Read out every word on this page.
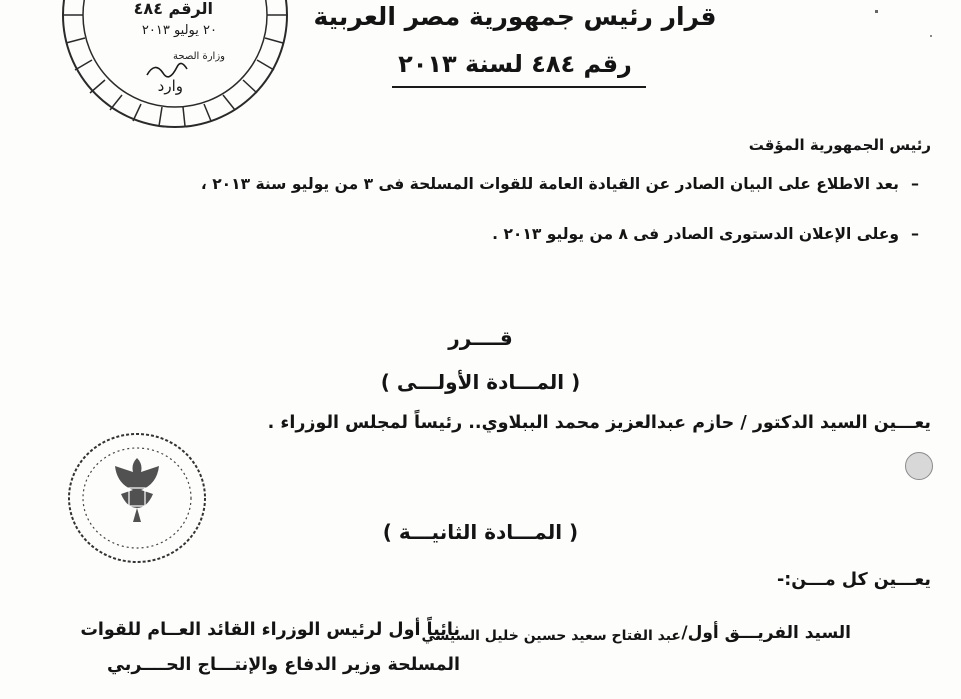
الرقم ٤٨٤
٢٠ يوليو ٢٠١٣
وزارة الصحة
وارد
قرار رئيس جمهورية مصر العربية
رقم ٤٨٤ لسنة ٢٠١٣
رئيس الجمهورية المؤقت
–
بعد الاطلاع على البيان الصادر عن القيادة العامة للقوات المسلحة فى ٣ من يوليو سنة ٢٠١٣ ،
–
وعلى الإعلان الدستورى الصادر فى ٨ من يوليو ٢٠١٣ .
قــــرر
( المـــادة الأولـــى )
يعـــين السيد الدكتور / حازم عبدالعزيز محمد الببلاوي.. رئيساً لمجلس الوزراء .
( المـــادة الثانيـــة )
يعـــين كل مـــن:-
السيد الفريـــق أول/
عبد الفتاح سعيد حسين خليل السيسي
نائباً أول لرئيس الوزراء القائد العــام للقوات
المسلحة وزير الدفاع والإنتـــاج الحــــربي
